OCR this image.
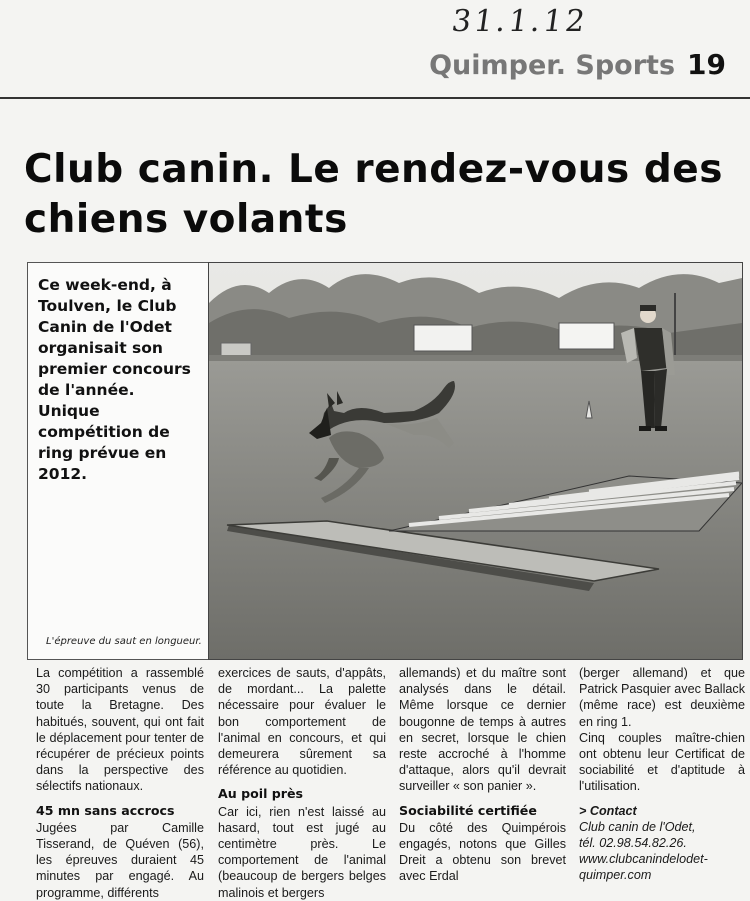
31.1.12
Quimper. Sports 19
Club canin. Le rendez-vous des chiens volants
Ce week-end, à Toulven, le Club Canin de l'Odet organisait son premier concours de l'année. Unique compétition de ring prévue en 2012.
L'épreuve du saut en longueur.

La compétition a rassemblé 30 participants venus de toute la Bretagne. Des habitués, souvent, qui ont fait le déplacement pour tenter de récupérer de précieux points dans la perspective des sélectifs nationaux.

45 mn sans accrocs

Jugées par Camille Tisserand, de Quéven (56), les épreuves duraient 45 minutes par engagé. Au programme, différents

exercices de sauts, d'appâts, de mordant... La palette nécessaire pour évaluer le bon comportement de l'animal en concours, et qui demeurera sûrement sa référence au quotidien.

Au poil près

Car ici, rien n'est laissé au hasard, tout est jugé au centimètre près. Le comportement de l'animal (beaucoup de bergers belges malinois et bergers

allemands) et du maître sont analysés dans le détail. Même lorsque ce dernier bougonne de temps à autres en secret, lorsque le chien reste accroché à l'homme d'attaque, alors qu'il devrait surveiller « son panier ».

Sociabilité certifiée

Du côté des Quimpérois engagés, notons que Gilles Dreit a obtenu son brevet avec Erdal

(berger allemand) et que Patrick Pasquier avec Ballack (même race) est deuxième en ring 1.

Cinq couples maître-chien ont obtenu leur Certificat de sociabilité et d'aptitude à l'utilisation.

> Contact
Club canin de l'Odet,
tél. 02.98.54.82.26.
www.clubcanindelodet-
quimper.com
